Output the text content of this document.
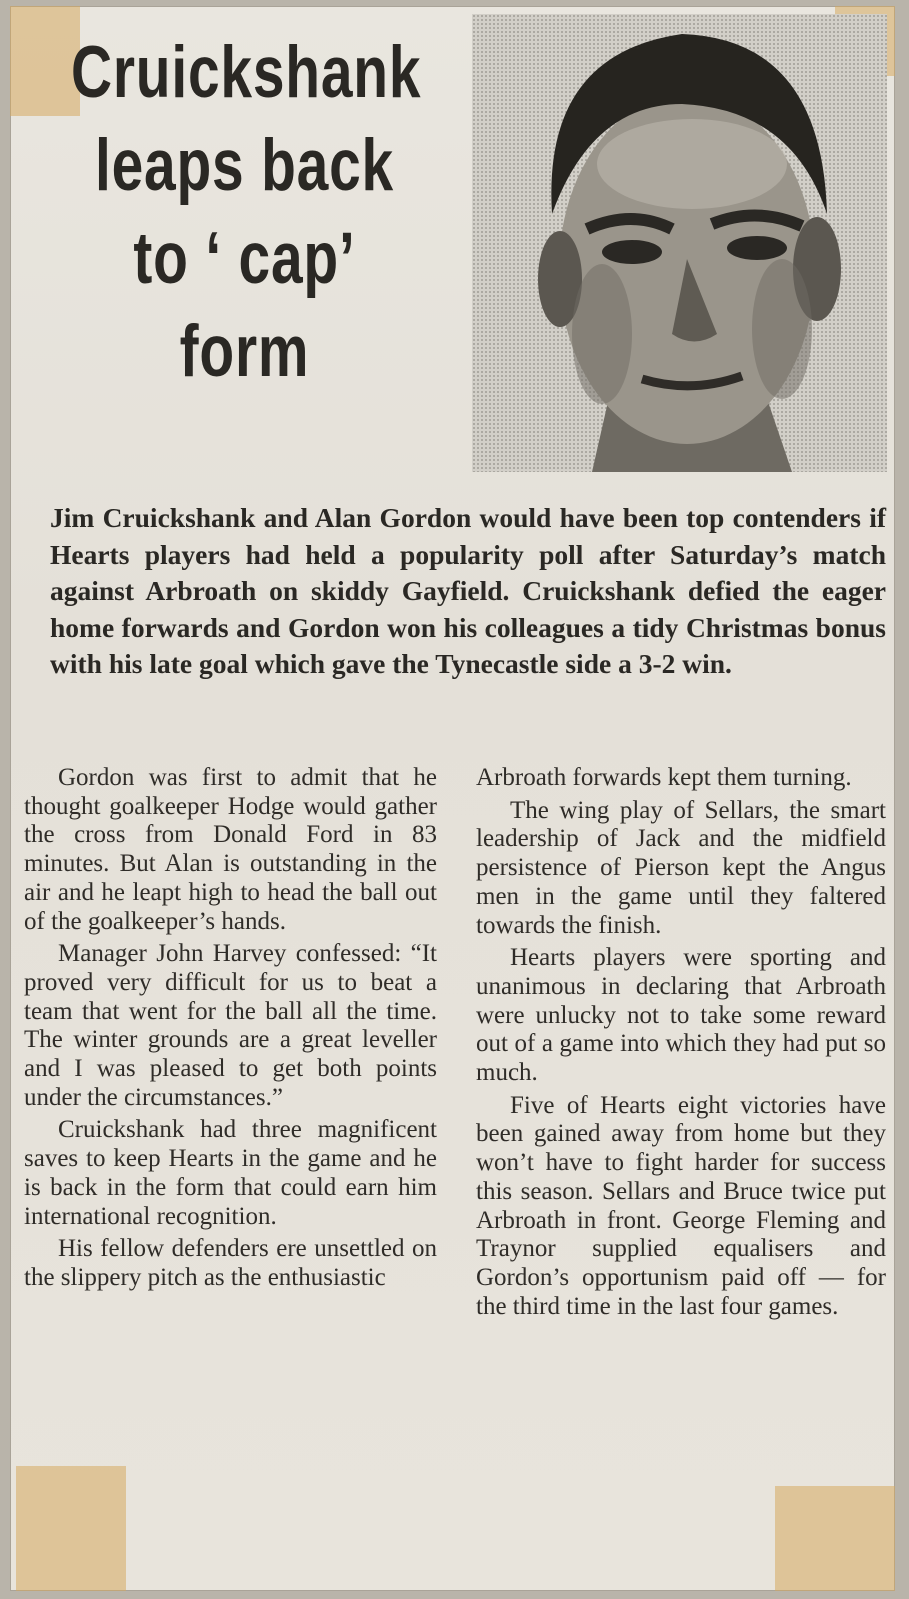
Cruickshank
leaps back
to ‘ cap’
form
Jim Cruickshank and Alan Gordon would have been top contenders if Hearts players had held a popularity poll after Saturday’s match against Arbroath on skiddy Gayfield. Cruickshank defied the eager home forwards and Gordon won his colleagues a tidy Christmas bonus with his late goal which gave the Tynecastle side a 3-2 win.

Gordon was first to admit that he thought goalkeeper Hodge would gather the cross from Donald Ford in 83 minutes. But Alan is outstanding in the air and he leapt high to head the ball out of the goalkeeper’s hands.

Manager John Harvey confessed: “It proved very difficult for us to beat a team that went for the ball all the time. The winter grounds are a great leveller and I was pleased to get both points under the circumstances.”

Cruickshank had three magnificent saves to keep Hearts in the game and he is back in the form that could earn him international recognition.

His fellow defenders ere unsettled on the slippery pitch as the enthusiastic

Arbroath forwards kept them turning.

The wing play of Sellars, the smart leadership of Jack and the midfield persistence of Pierson kept the Angus men in the game until they faltered towards the finish.

Hearts players were sporting and unanimous in declaring that Arbroath were unlucky not to take some reward out of a game into which they had put so much.

Five of Hearts eight victories have been gained away from home but they won’t have to fight harder for success this season. Sellars and Bruce twice put Arbroath in front. George Fleming and Traynor supplied equalisers and Gordon’s opportunism paid off — for the third time in the last four games.
